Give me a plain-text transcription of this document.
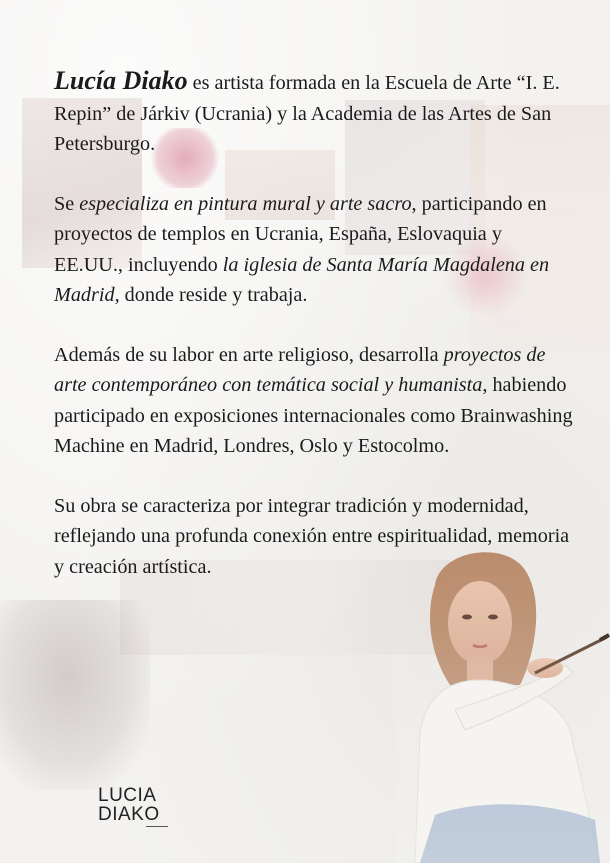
Lucía Diako es artista formada en la Escuela de Arte “I. E. Repin” de Járkiv (Ucrania) y la Academia de las Artes de San Petersburgo.

Se especializa en pintura mural y arte sacro, participando en proyectos de templos en Ucrania, España, Eslovaquia y EE.UU., incluyendo la iglesia de Santa María Magdalena en Madrid, donde reside y trabaja.

Además de su labor en arte religioso, desarrolla proyectos de arte contemporáneo con temática social y humanista, habiendo participado en exposiciones internacionales como Brainwashing Machine en Madrid, Londres, Oslo y Estocolmo.

Su obra se caracteriza por integrar tradición y modernidad, reflejando una profunda conexión entre espiritualidad, memoria y creación artística.

LUCIA
DIAKO
